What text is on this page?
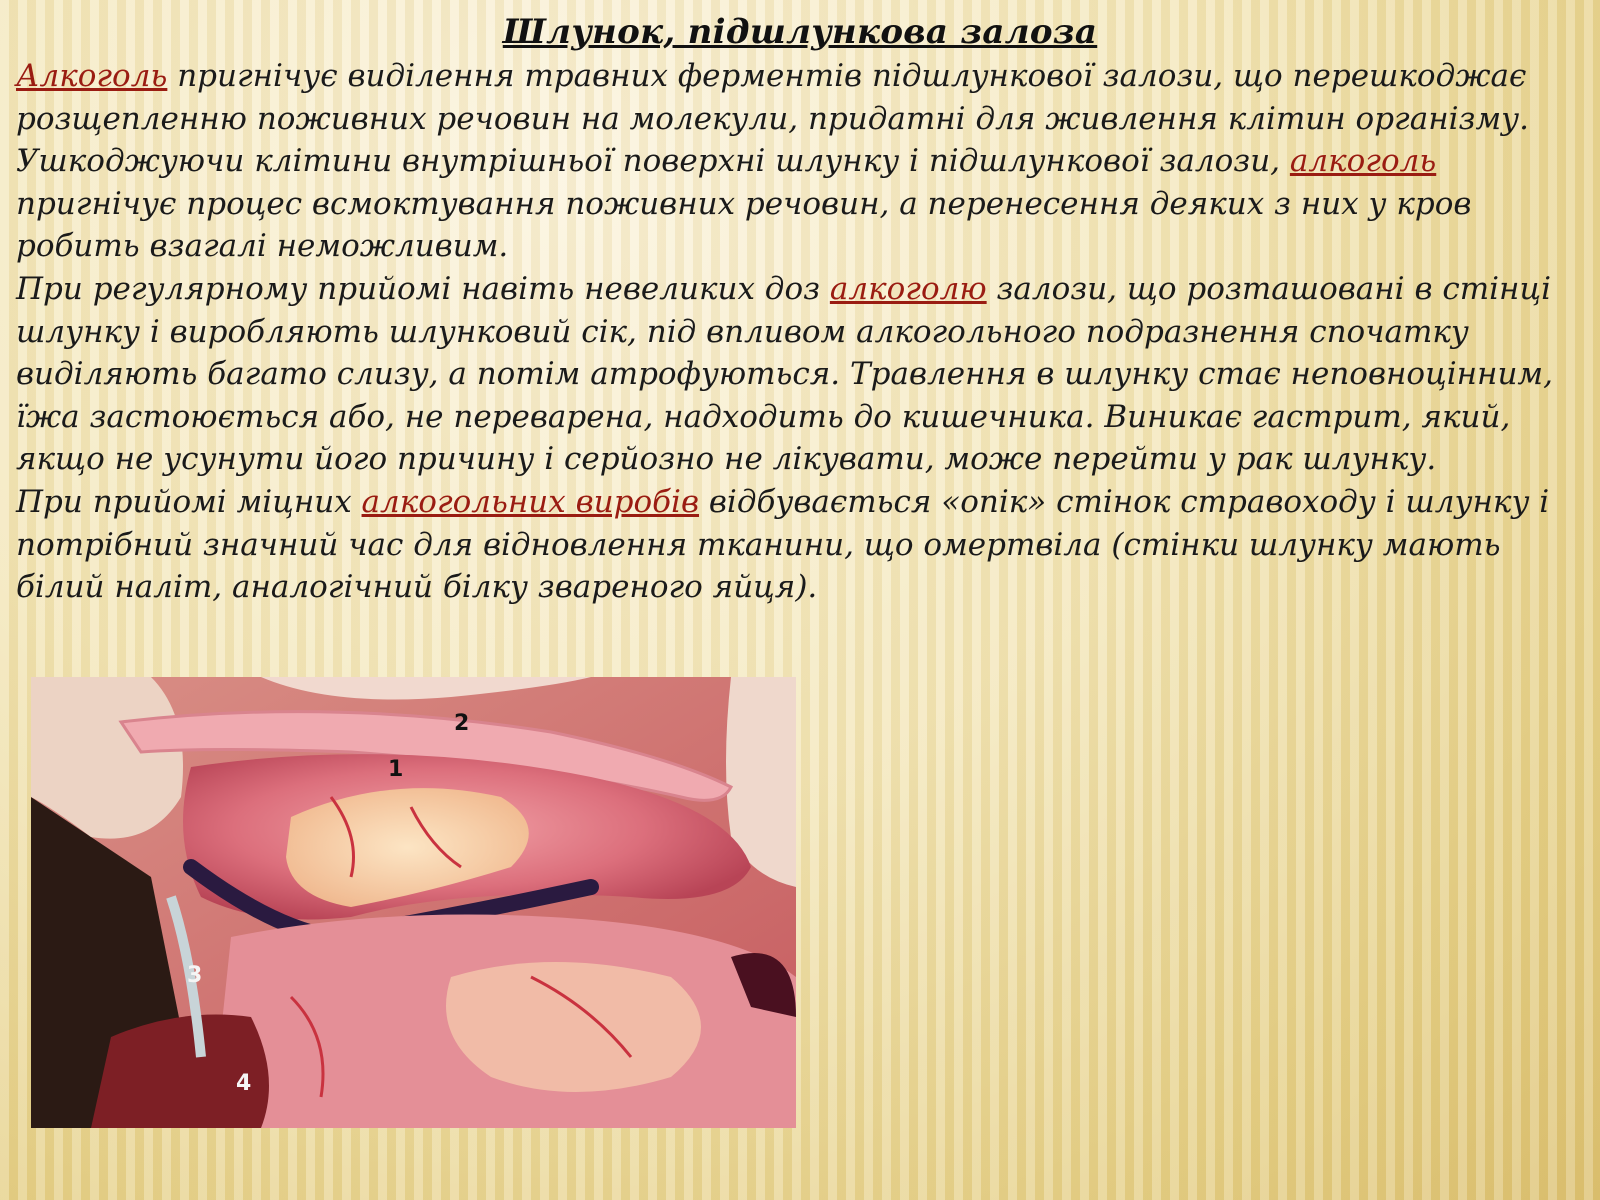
Шлунок, підшлункова залоза

Алкоголь пригнічує виділення травних ферментів підшлункової залози, що перешкоджає розщепленню поживних речовин на молекули, придатні для живлення клітин організму.

Ушкоджуючи клітини внутрішньої поверхні шлунку і підшлункової залози, алкоголь пригнічує процес всмоктування поживних речовин, а перенесення деяких з них у кров робить взагалі неможливим.

При регулярному прийомі навіть невеликих доз алкоголю залози, що розташовані в стінці шлунку і виробляють шлунковий сік, під впливом алкогольного подразнення спочатку виділяють багато слизу, а потім атрофуються. Травлення в шлунку стає неповноцінним, їжа застоюється або, не переварена, надходить до кишечника. Виникає гастрит, який, якщо не усунути його причину і серйозно не лікувати, може перейти у рак шлунку.

При прийомі міцних алкогольних виробів відбувається «опік» стінок стравоходу і шлунку і потрібний значний час для відновлення тканини, що омертвіла (стінки шлунку мають білий наліт, аналогічний білку звареного яйця).

2
1
3
4
